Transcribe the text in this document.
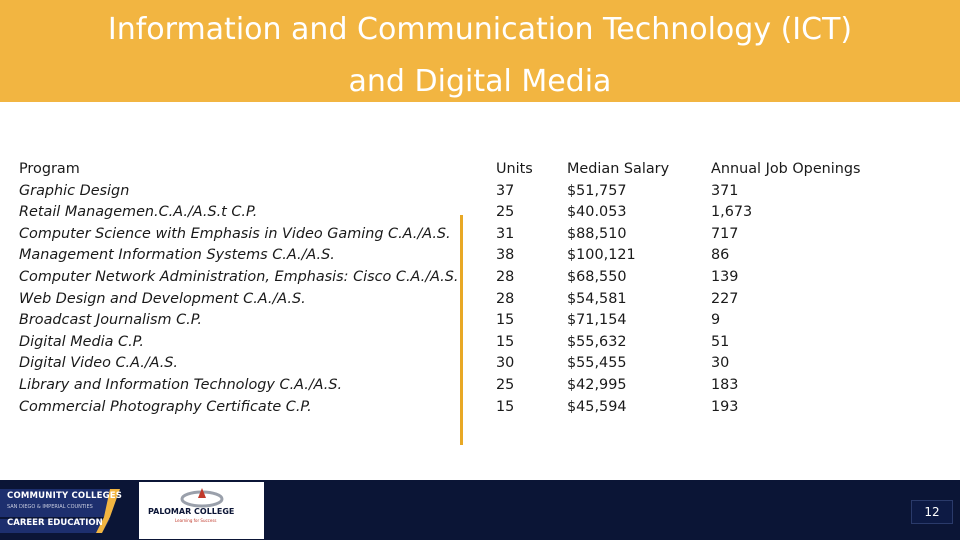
Information and Communication Technology (ICT)
and Digital Media
Program
Graphic Design
Retail Managemen.C.A./A.S.t C.P.
Computer Science with Emphasis in Video Gaming C.A./A.S.
Management Information Systems C.A./A.S.
Computer Network Administration, Emphasis: Cisco C.A./A.S.
Web Design and Development C.A./A.S.
Broadcast Journalism C.P.
Digital Media C.P.
Digital Video C.A./A.S.
Library and Information Technology C.A./A.S.
Commercial Photography Certificate C.P.
Units
37
25
31
38
28
28
15
15
30
25
15
Median Salary
$51,757
$40.053
$88,510
$100,121
$68,550
$54,581
$71,154
$55,632
$55,455
$42,995
$45,594
Annual Job Openings
371
1,673
717
86
139
227
9
51
30
183
193
COMMUNITY COLLEGES
SAN DIEGO & IMPERIAL COUNTIES
CAREER EDUCATION
PALOMAR COLLEGE
Learning for Success
12
